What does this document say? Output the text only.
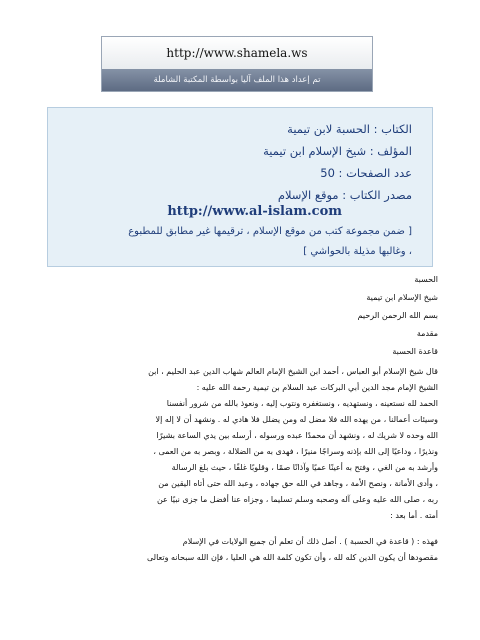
http://www.shamela.ws
تم إعداد هذا الملف آليا بواسطة المكتبة الشاملة
الكتاب : الحسبة لابن تيمية
المؤلف : شيخ الإسلام ابن تيمية
عدد الصفحات : 50
مصدر الكتاب : موقع الإسلام
http://www.al-islam.com
[ ضمن مجموعة كتب من موقع الإسلام ، ترقيمها غير مطابق للمطبوع
، وغالبها مذيلة بالحواشي ]
الحسبة
شيخ الإسلام ابن تيمية
بسم الله الرحمن الرحيم
مقدمة
قاعدة الحسبة
قال شيخ الإسلام أبو العباس ، أحمد ابن الشيخ الإمام العالم شهاب الدين عبد الحليم ، ابن
الشيخ الإمام مجد الدين أبي البركات عبد السلام بن تيمية رحمة الله عليه :
الحمد لله نستعينه ، ونستهديه ، ونستغفره ونتوب إليه ، ونعوذ بالله من شرور أنفسنا
وسيئات أعمالنا ، من يهده الله فلا مضل له ومن يضلل فلا هادي له . ونشهد أن لا إله إلا
الله وحده لا شريك له ، ونشهد أن محمدًا عبده ورسوله ، أرسله بين يدي الساعة بشيرًا
ونذيرًا ، وداعيًا إلى الله بإذنه وسراجًا منيرًا ، فهدى به من الضلالة ، وبصر به من العمى ،
وأرشد به من الغي ، وفتح به أعينًا عميًا وآذانًا صمًا ، وقلوبًا غلفًا ، حيث بلغ الرسالة
، وأدى الأمانة ، ونصح الأمة ، وجاهد في الله حق جهاده ، وعبد الله حتى أتاه اليقين من
ربه ، صلى الله عليه وعلى آله وصحبه وسلم تسليما ، وجزاه عنا أفضل ما جزى نبيًا عن
أمته . أما بعد :
فهذه : ( قاعدة في الحسبة ) . أصل ذلك أن تعلم أن جميع الولايات في الإسلام
مقصودها أن يكون الدين كله لله ، وأن تكون كلمة الله هي العليا ، فإن الله سبحانه وتعالى
